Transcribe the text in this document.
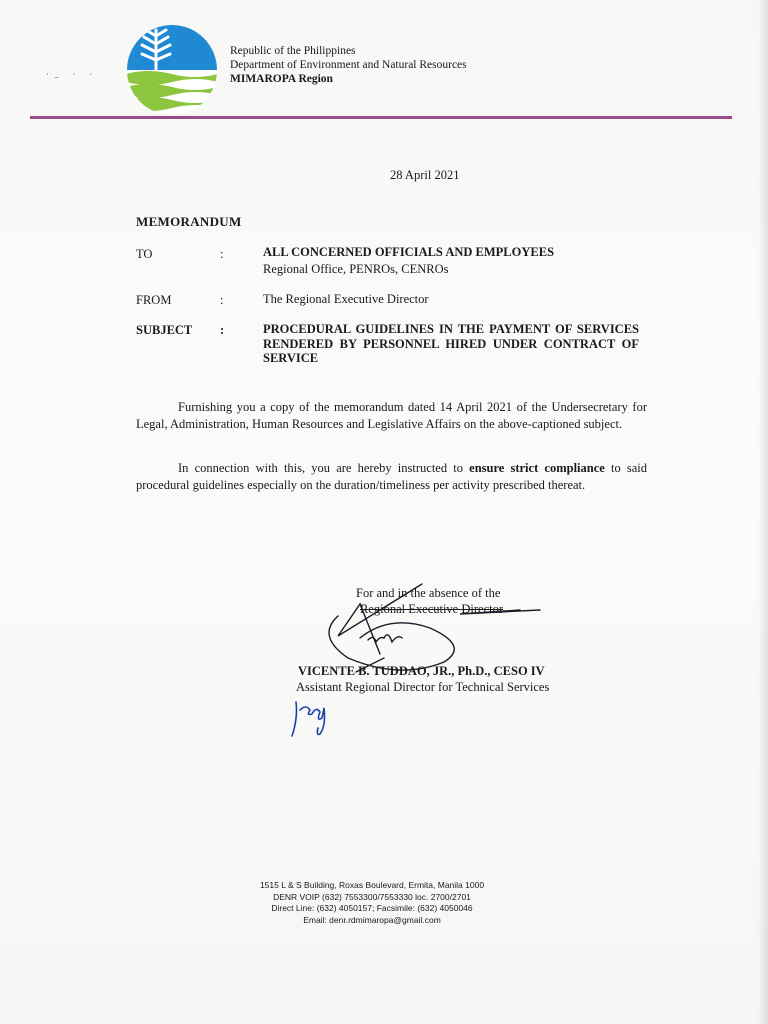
·_ · ·
Republic of the Philippines
Department of Environment and Natural Resources
MIMAROPA Region
28 April 2021
MEMORANDUM
TO	:	ALL CONCERNED OFFICIALS AND EMPLOYEES
Regional Office, PENROs, CENROs
FROM	:	The Regional Executive Director
SUBJECT :	PROCEDURAL GUIDELINES IN THE PAYMENT OF SERVICES RENDERED BY PERSONNEL HIRED UNDER CONTRACT OF SERVICE
Furnishing you a copy of the memorandum dated 14 April 2021 of the Undersecretary for Legal, Administration, Human Resources and Legislative Affairs on the above-captioned subject.
In connection with this, you are hereby instructed to ensure strict compliance to said procedural guidelines especially on the duration/timeliness per activity prescribed thereat.
For and in the absence of the
Regional Executive Director
VICENTE B. TUDDAO, JR., Ph.D., CESO IV
Assistant Regional Director for Technical Services
1515 L & S Building, Roxas Boulevard, Ermita, Manila 1000
DENR VOIP (632) 7553300/7553330 loc. 2700/2701
Direct Line: (632) 4050157; Facsimile: (632) 4050046
Email: denr.rdmimaropa@gmail.com
